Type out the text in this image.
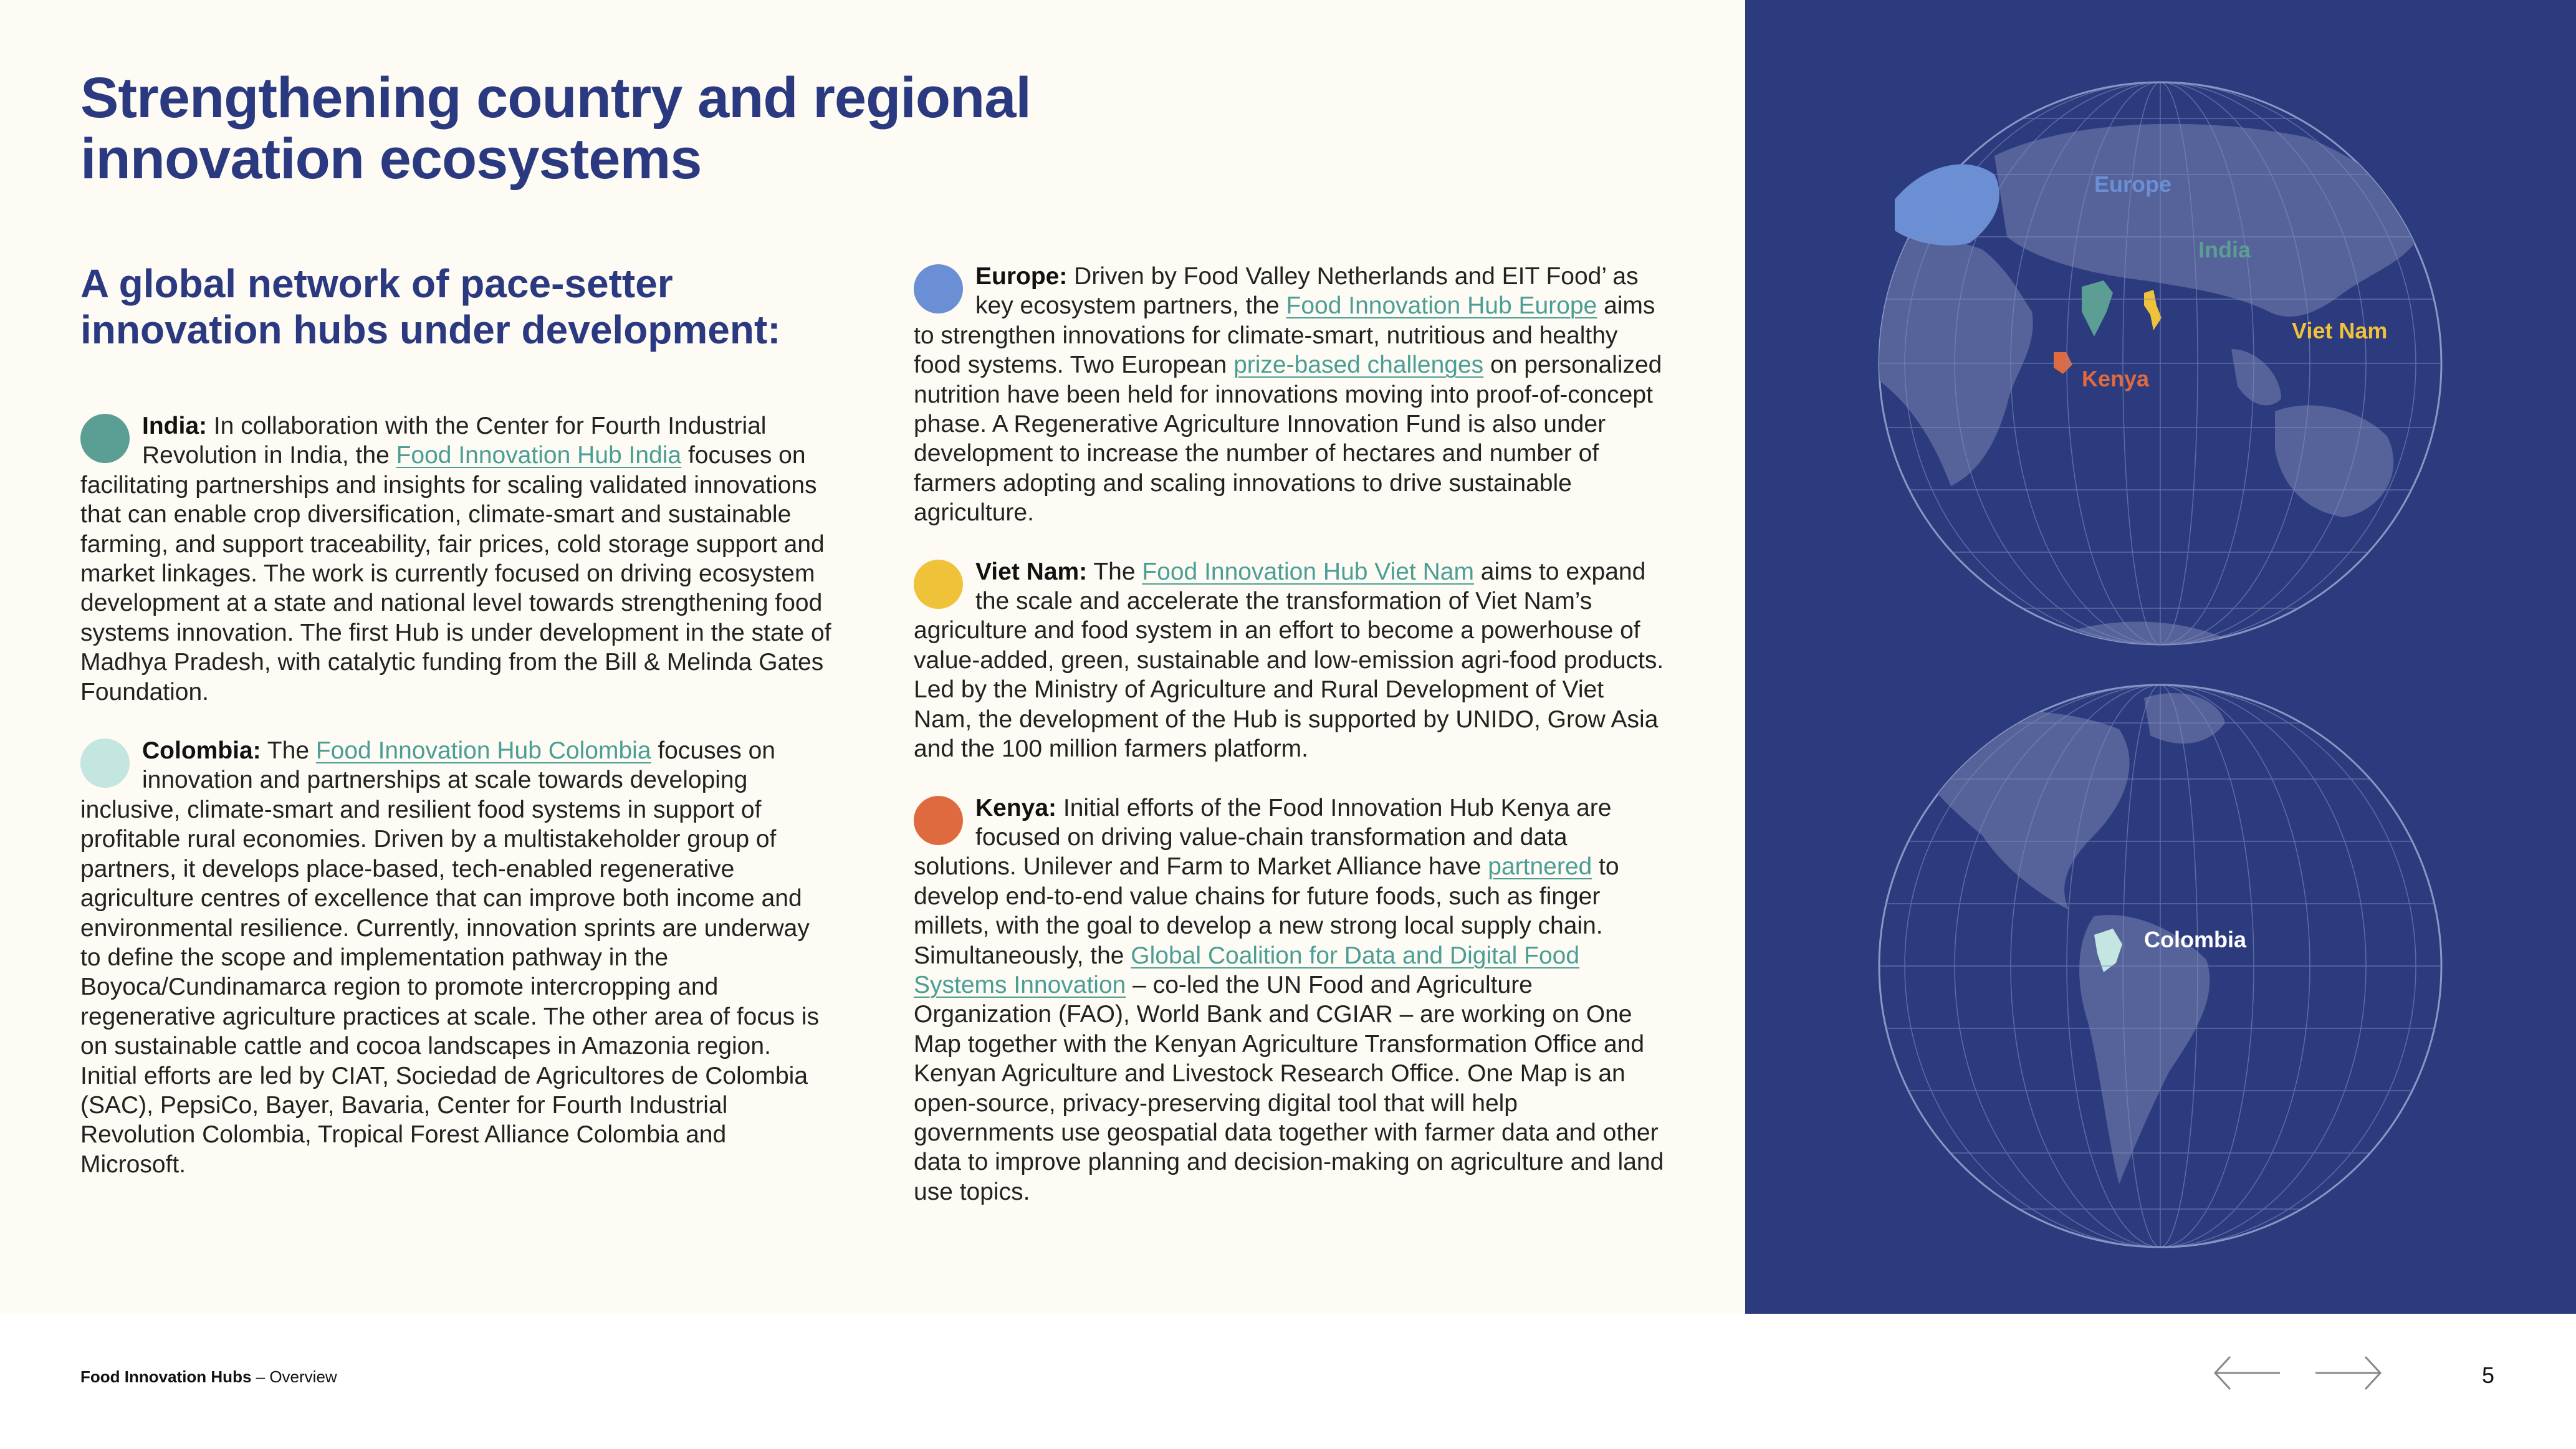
Strengthening country and regional innovation ecosystems
A global network of pace-setter innovation hubs under development:

India: In collaboration with the Center for Fourth Industrial Revolution in India, the Food Innovation Hub India focuses on facilitating partnerships and insights for scaling validated innovations that can enable crop diversification, climate-smart and sustainable farming, and support traceability, fair prices, cold storage support and market linkages. The work is currently focused on driving ecosystem development at a state and national level towards strengthening food systems innovation. The first Hub is under development in the state of Madhya Pradesh, with catalytic funding from the Bill & Melinda Gates Foundation.

Colombia: The Food Innovation Hub Colombia focuses on innovation and partnerships at scale towards developing inclusive, climate-smart and resilient food systems in support of profitable rural economies. Driven by a multistakeholder group of partners, it develops place-based, tech-enabled regenerative agriculture centres of excellence that can improve both income and environmental resilience. Currently, innovation sprints are underway to define the scope and implementation pathway in the Boyoca/Cundinamarca region to promote intercropping and regenerative agriculture practices at scale. The other area of focus is on sustainable cattle and cocoa landscapes in Amazonia region. Initial efforts are led by CIAT, Sociedad de Agricultores de Colombia (SAC), PepsiCo, Bayer, Bavaria, Center for Fourth Industrial Revolution Colombia, Tropical Forest Alliance Colombia and Microsoft.

Europe: Driven by Food Valley Netherlands and EIT Food’ as key ecosystem partners, the Food Innovation Hub Europe aims to strengthen innovations for climate-smart, nutritious and healthy food systems. Two European prize-based challenges on personalized nutrition have been held for innovations moving into proof-of-concept phase. A Regenerative Agriculture Innovation Fund is also under development to increase the number of hectares and number of farmers adopting and scaling innovations to drive sustainable agriculture.

Viet Nam: The Food Innovation Hub Viet Nam aims to expand the scale and accelerate the transformation of Viet Nam’s agriculture and food system in an effort to become a powerhouse of value-added, green, sustainable and low-emission agri-food products. Led by the Ministry of Agriculture and Rural Development of Viet Nam, the development of the Hub is supported by UNIDO, Grow Asia and the 100 million farmers platform.

Kenya: Initial efforts of the Food Innovation Hub Kenya are focused on driving value-chain transformation and data solutions. Unilever and Farm to Market Alliance have partnered to develop end-to-end value chains for future foods, such as finger millets, with the goal to develop a new strong local supply chain. Simultaneously, the Global Coalition for Data and Digital Food Systems Innovation – co-led the UN Food and Agriculture Organization (FAO), World Bank and CGIAR – are working on One Map together with the Kenyan Agriculture Transformation Office and Kenyan Agriculture and Livestock Research Office. One Map is an open-source, privacy-preserving digital tool that will help governments use geospatial data together with farmer data and other data to improve planning and decision-making on agriculture and land use topics.

Europe
India
Viet Nam
Kenya
Colombia
Food Innovation Hubs – Overview	5
